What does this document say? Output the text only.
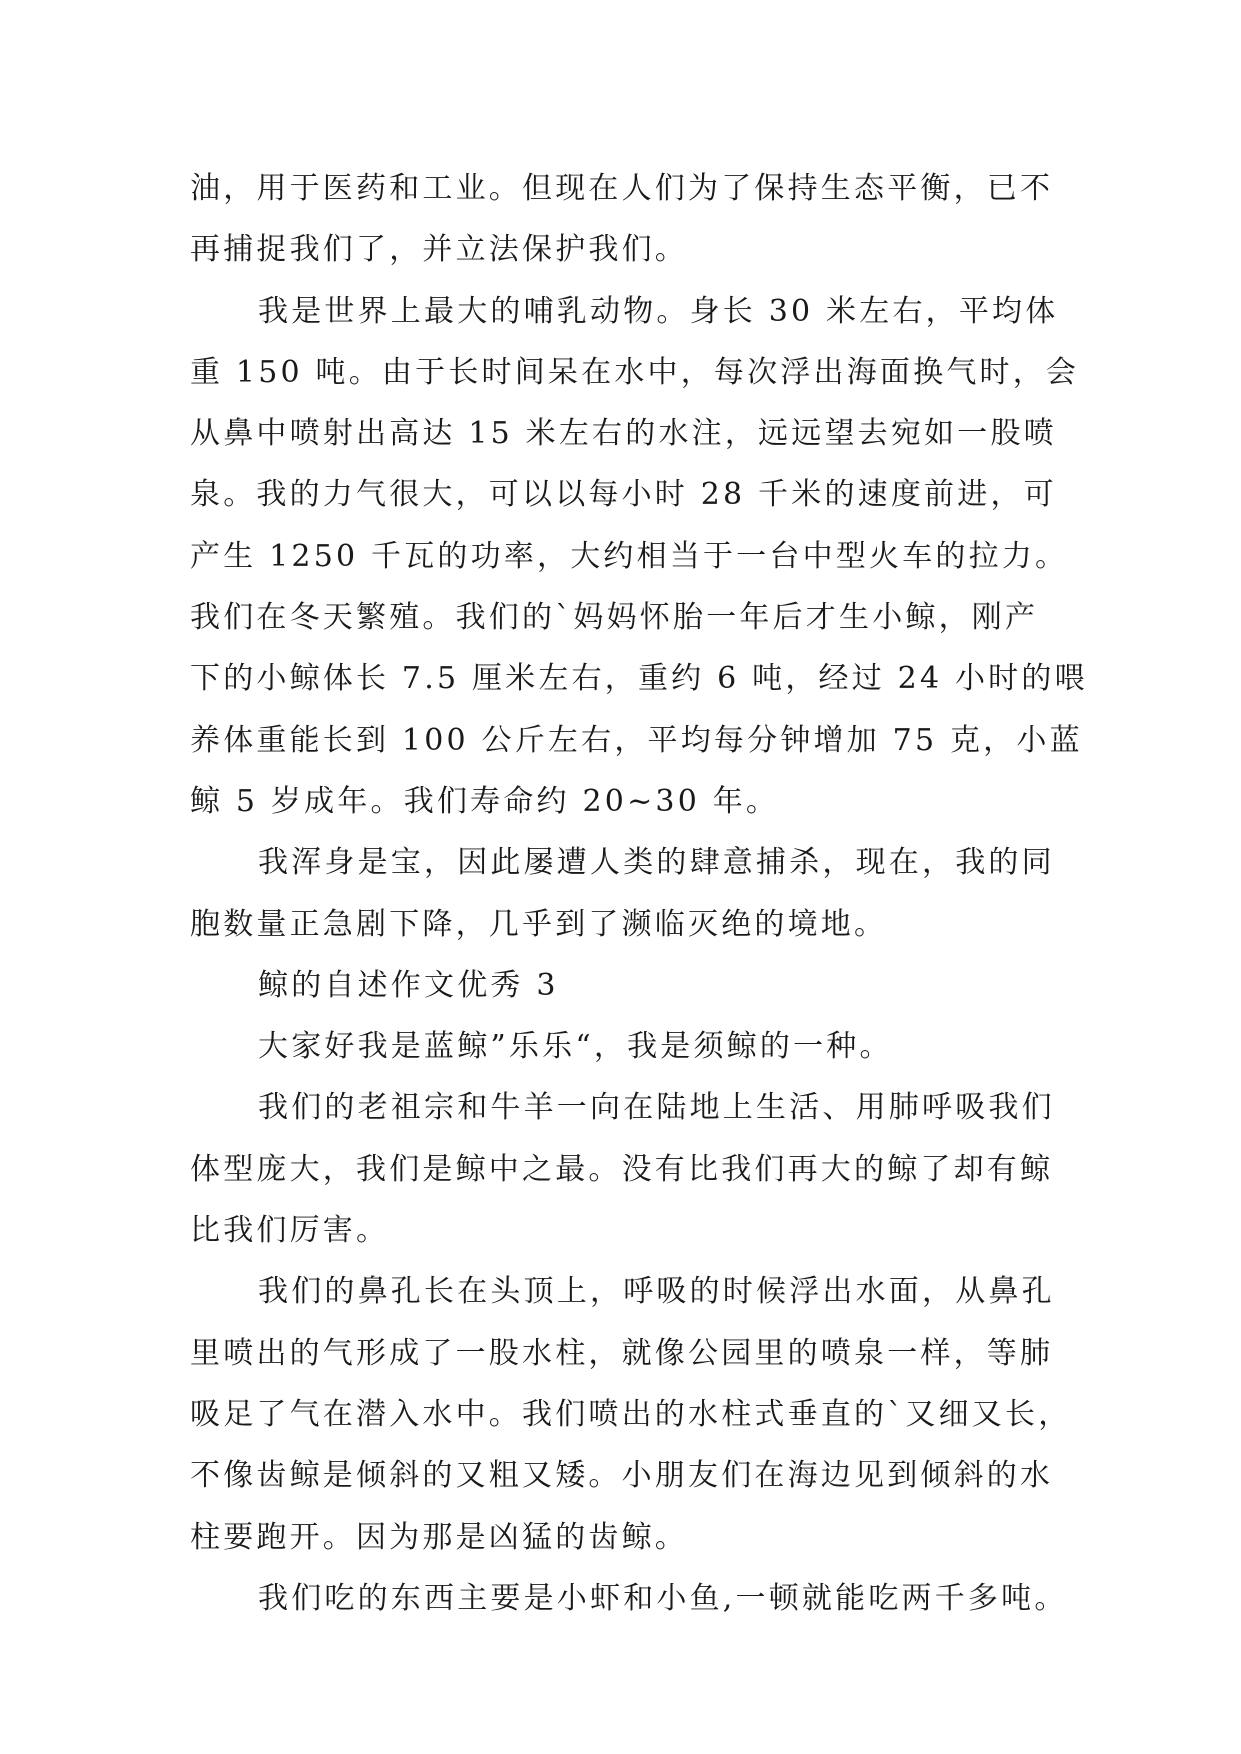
油，用于医药和工业。但现在人们为了保持生态平衡，已不
再捕捉我们了，并立法保护我们。
我是世界上最大的哺乳动物。身长 30 米左右，平均体
重 150 吨。由于长时间呆在水中，每次浮出海面换气时，会
从鼻中喷射出高达 15 米左右的水注，远远望去宛如一股喷
泉。我的力气很大，可以以每小时 28 千米的速度前进，可
产生 1250 千瓦的功率，大约相当于一台中型火车的拉力。
我们在冬天繁殖。我们的`妈妈怀胎一年后才生小鲸，刚产
下的小鲸体长 7.5 厘米左右，重约 6 吨，经过 24 小时的喂
养体重能长到 100 公斤左右，平均每分钟增加 75 克，小蓝
鲸 5 岁成年。我们寿命约 20~30 年。
我浑身是宝，因此屡遭人类的肆意捕杀，现在，我的同
胞数量正急剧下降，几乎到了濒临灭绝的境地。
鲸的自述作文优秀 3
大家好我是蓝鲸”乐乐“，我是须鲸的一种。
我们的老祖宗和牛羊一向在陆地上生活、用肺呼吸我们
体型庞大，我们是鲸中之最。没有比我们再大的鲸了却有鲸
比我们厉害。
我们的鼻孔长在头顶上，呼吸的时候浮出水面，从鼻孔
里喷出的气形成了一股水柱，就像公园里的喷泉一样，等肺
吸足了气在潜入水中。我们喷出的水柱式垂直的`又细又长，
不像齿鲸是倾斜的又粗又矮。小朋友们在海边见到倾斜的水
柱要跑开。因为那是凶猛的齿鲸。
我们吃的东西主要是小虾和小鱼,一顿就能吃两千多吨。
